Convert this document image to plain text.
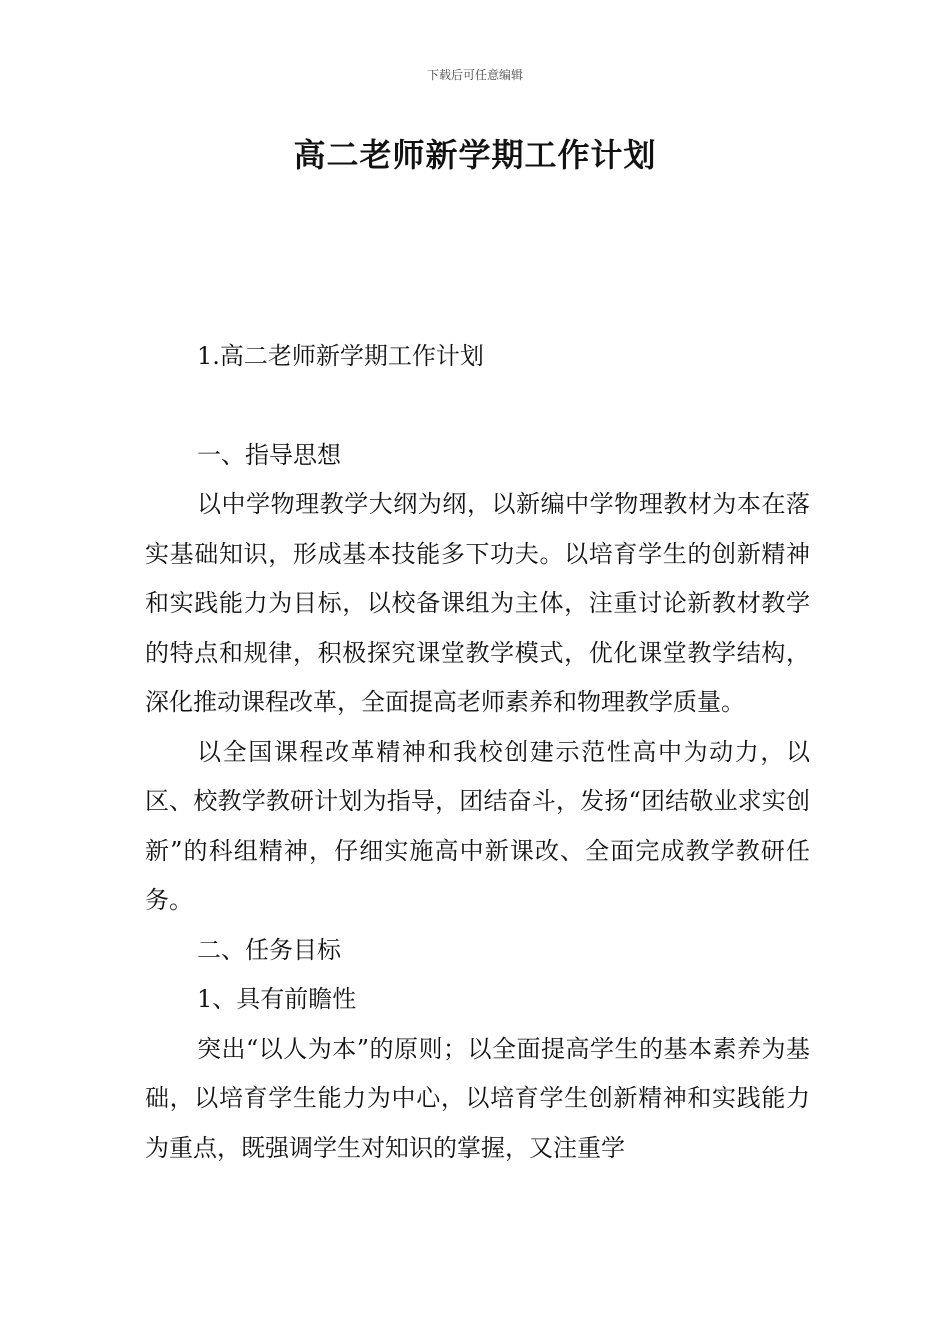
下载后可任意编辑
高二老师新学期工作计划

1.高二老师新学期工作计划

一、指导思想

以中学物理教学大纲为纲，以新编中学物理教材为本在落实基础知识，形成基本技能多下功夫。以培育学生的创新精神和实践能力为目标，以校备课组为主体，注重讨论新教材教学的特点和规律，积极探究课堂教学模式，优化课堂教学结构，深化推动课程改革，全面提高老师素养和物理教学质量。

以全国课程改革精神和我校创建示范性高中为动力，以区、校教学教研计划为指导，团结奋斗，发扬“团结敬业求实创新”的科组精神，仔细实施高中新课改、全面完成教学教研任务。

二、任务目标

1、具有前瞻性

突出“以人为本”的原则；以全面提高学生的基本素养为基础，以培育学生能力为中心，以培育学生创新精神和实践能力为重点，既强调学生对知识的掌握，又注重学
